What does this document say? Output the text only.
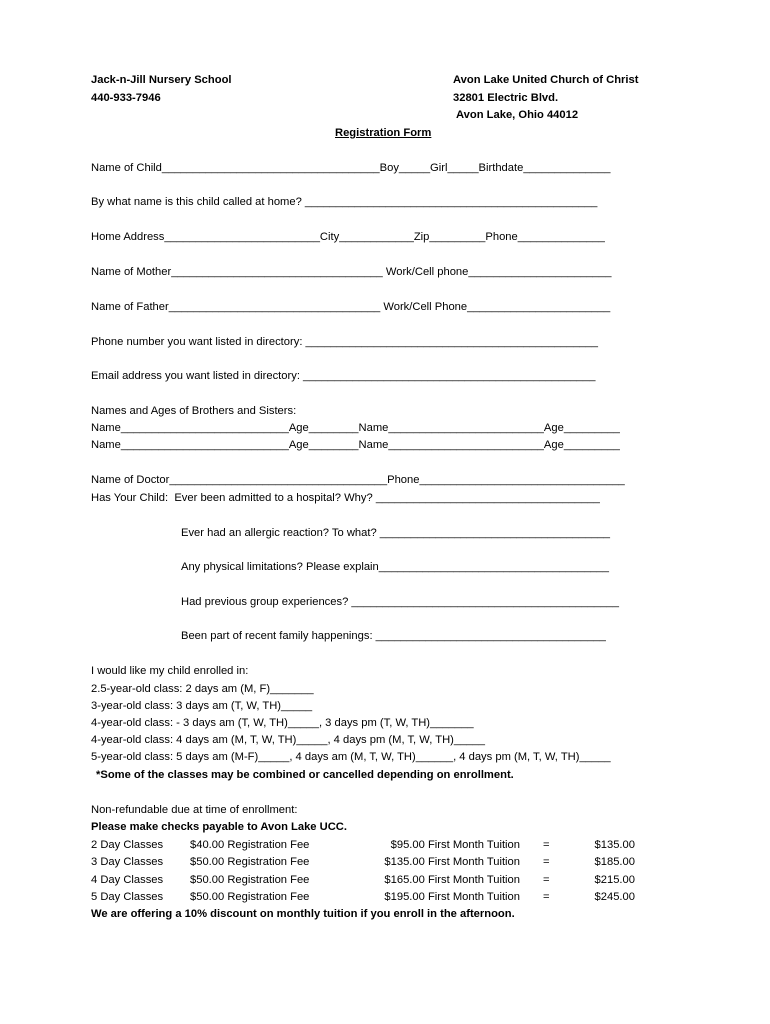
Jack-n-Jill Nursery School
440-933-7946
Avon Lake United Church of Christ
32801 Electric Blvd.
Avon Lake, Ohio 44012
Registration Form
Name of Child___________________________________Boy_____Girl_____Birthdate______________
By what name is this child called at home? _______________________________________________
Home Address_________________________City____________Zip_________Phone______________
Name of Mother__________________________________ Work/Cell phone_______________________
Name of Father__________________________________ Work/Cell Phone_______________________
Phone number you want listed in directory: _______________________________________________
Email address you want listed in directory: _______________________________________________
Names and Ages of Brothers and Sisters:
Name___________________________Age________Name_________________________Age_________
Name___________________________Age________Name_________________________Age_________
Name of Doctor___________________________________Phone_________________________________
Has Your Child:  Ever been admitted to a hospital? Why? ____________________________________
Ever had an allergic reaction? To what? _____________________________________
Any physical limitations? Please explain_____________________________________
Had previous group experiences? ___________________________________________
Been part of recent family happenings: _____________________________________
I would like my child enrolled in:
2.5-year-old class: 2 days am (M, F)_______
3-year-old class: 3 days am (T, W, TH)_____
4-year-old class: - 3 days am (T, W, TH)_____, 3 days pm (T, W, TH)_______
4-year-old class: 4 days am (M, T, W, TH)_____, 4 days pm (M, T, W, TH)_____
5-year-old class: 5 days am (M-F)_____, 4 days am (M, T, W, TH)______, 4 days pm (M, T, W, TH)_____
*Some of the classes may be combined or cancelled depending on enrollment.
Non-refundable due at time of enrollment:
Please make checks payable to Avon Lake UCC.
2 Day Classes $40.00 Registration Fee	$95.00 First Month Tuition =	$135.00
3 Day Classes $50.00 Registration Fee	$135.00 First Month Tuition =	$185.00
4 Day Classes $50.00 Registration Fee	$165.00 First Month Tuition =	$215.00
5 Day Classes $50.00 Registration Fee	$195.00 First Month Tuition =	$245.00
We are offering a 10% discount on monthly tuition if you enroll in the afternoon.
